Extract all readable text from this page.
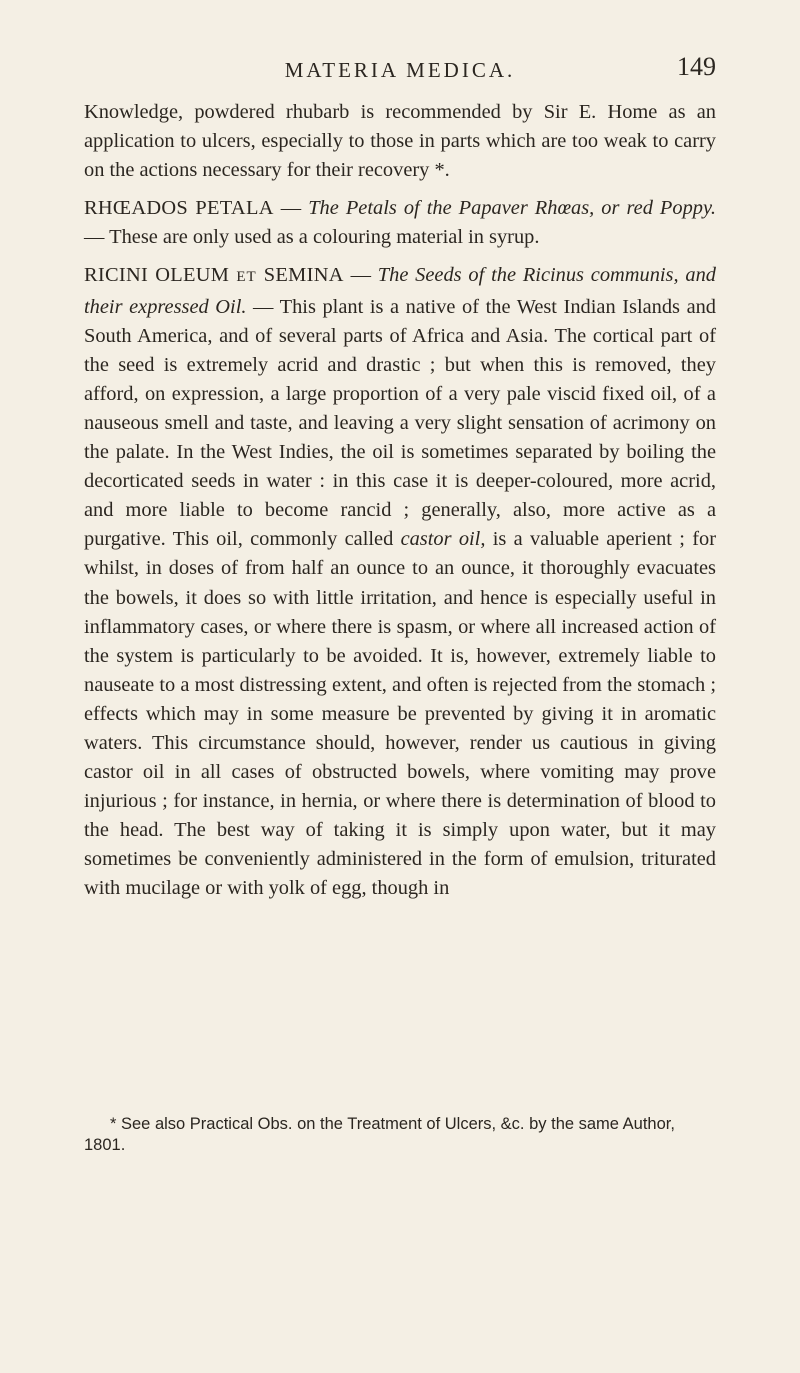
MATERIA MEDICA.	149

Knowledge, powdered rhubarb is recommended by Sir E. Home as an application to ulcers, especially to those in parts which are too weak to carry on the actions necessary for their recovery *.

RHŒADOS PETALA — The Petals of the Papaver Rhœas, or red Poppy. — These are only used as a colouring material in syrup.

RICINI OLEUM ET SEMINA — The Seeds of the Ricinus communis, and their expressed Oil. — This plant is a native of the West Indian Islands and South America, and of several parts of Africa and Asia. The cortical part of the seed is extremely acrid and drastic ; but when this is removed, they afford, on expression, a large proportion of a very pale viscid fixed oil, of a nauseous smell and taste, and leaving a very slight sensation of acrimony on the palate. In the West Indies, the oil is sometimes separated by boiling the decorticated seeds in water : in this case it is deeper-coloured, more acrid, and more liable to become rancid ; generally, also, more active as a purgative. This oil, commonly called castor oil, is a valuable aperient ; for whilst, in doses of from half an ounce to an ounce, it thoroughly evacuates the bowels, it does so with little irritation, and hence is especially useful in inflammatory cases, or where there is spasm, or where all increased action of the system is particularly to be avoided. It is, however, extremely liable to nauseate to a most distressing extent, and often is rejected from the stomach ; effects which may in some measure be prevented by giving it in aromatic waters. This circumstance should, however, render us cautious in giving castor oil in all cases of obstructed bowels, where vomiting may prove injurious ; for instance, in hernia, or where there is determination of blood to the head. The best way of taking it is simply upon water, but it may sometimes be conveniently administered in the form of emulsion, triturated with mucilage or with yolk of egg, though in

* See also Practical Obs. on the Treatment of Ulcers, &c. by the same Author, 1801.
